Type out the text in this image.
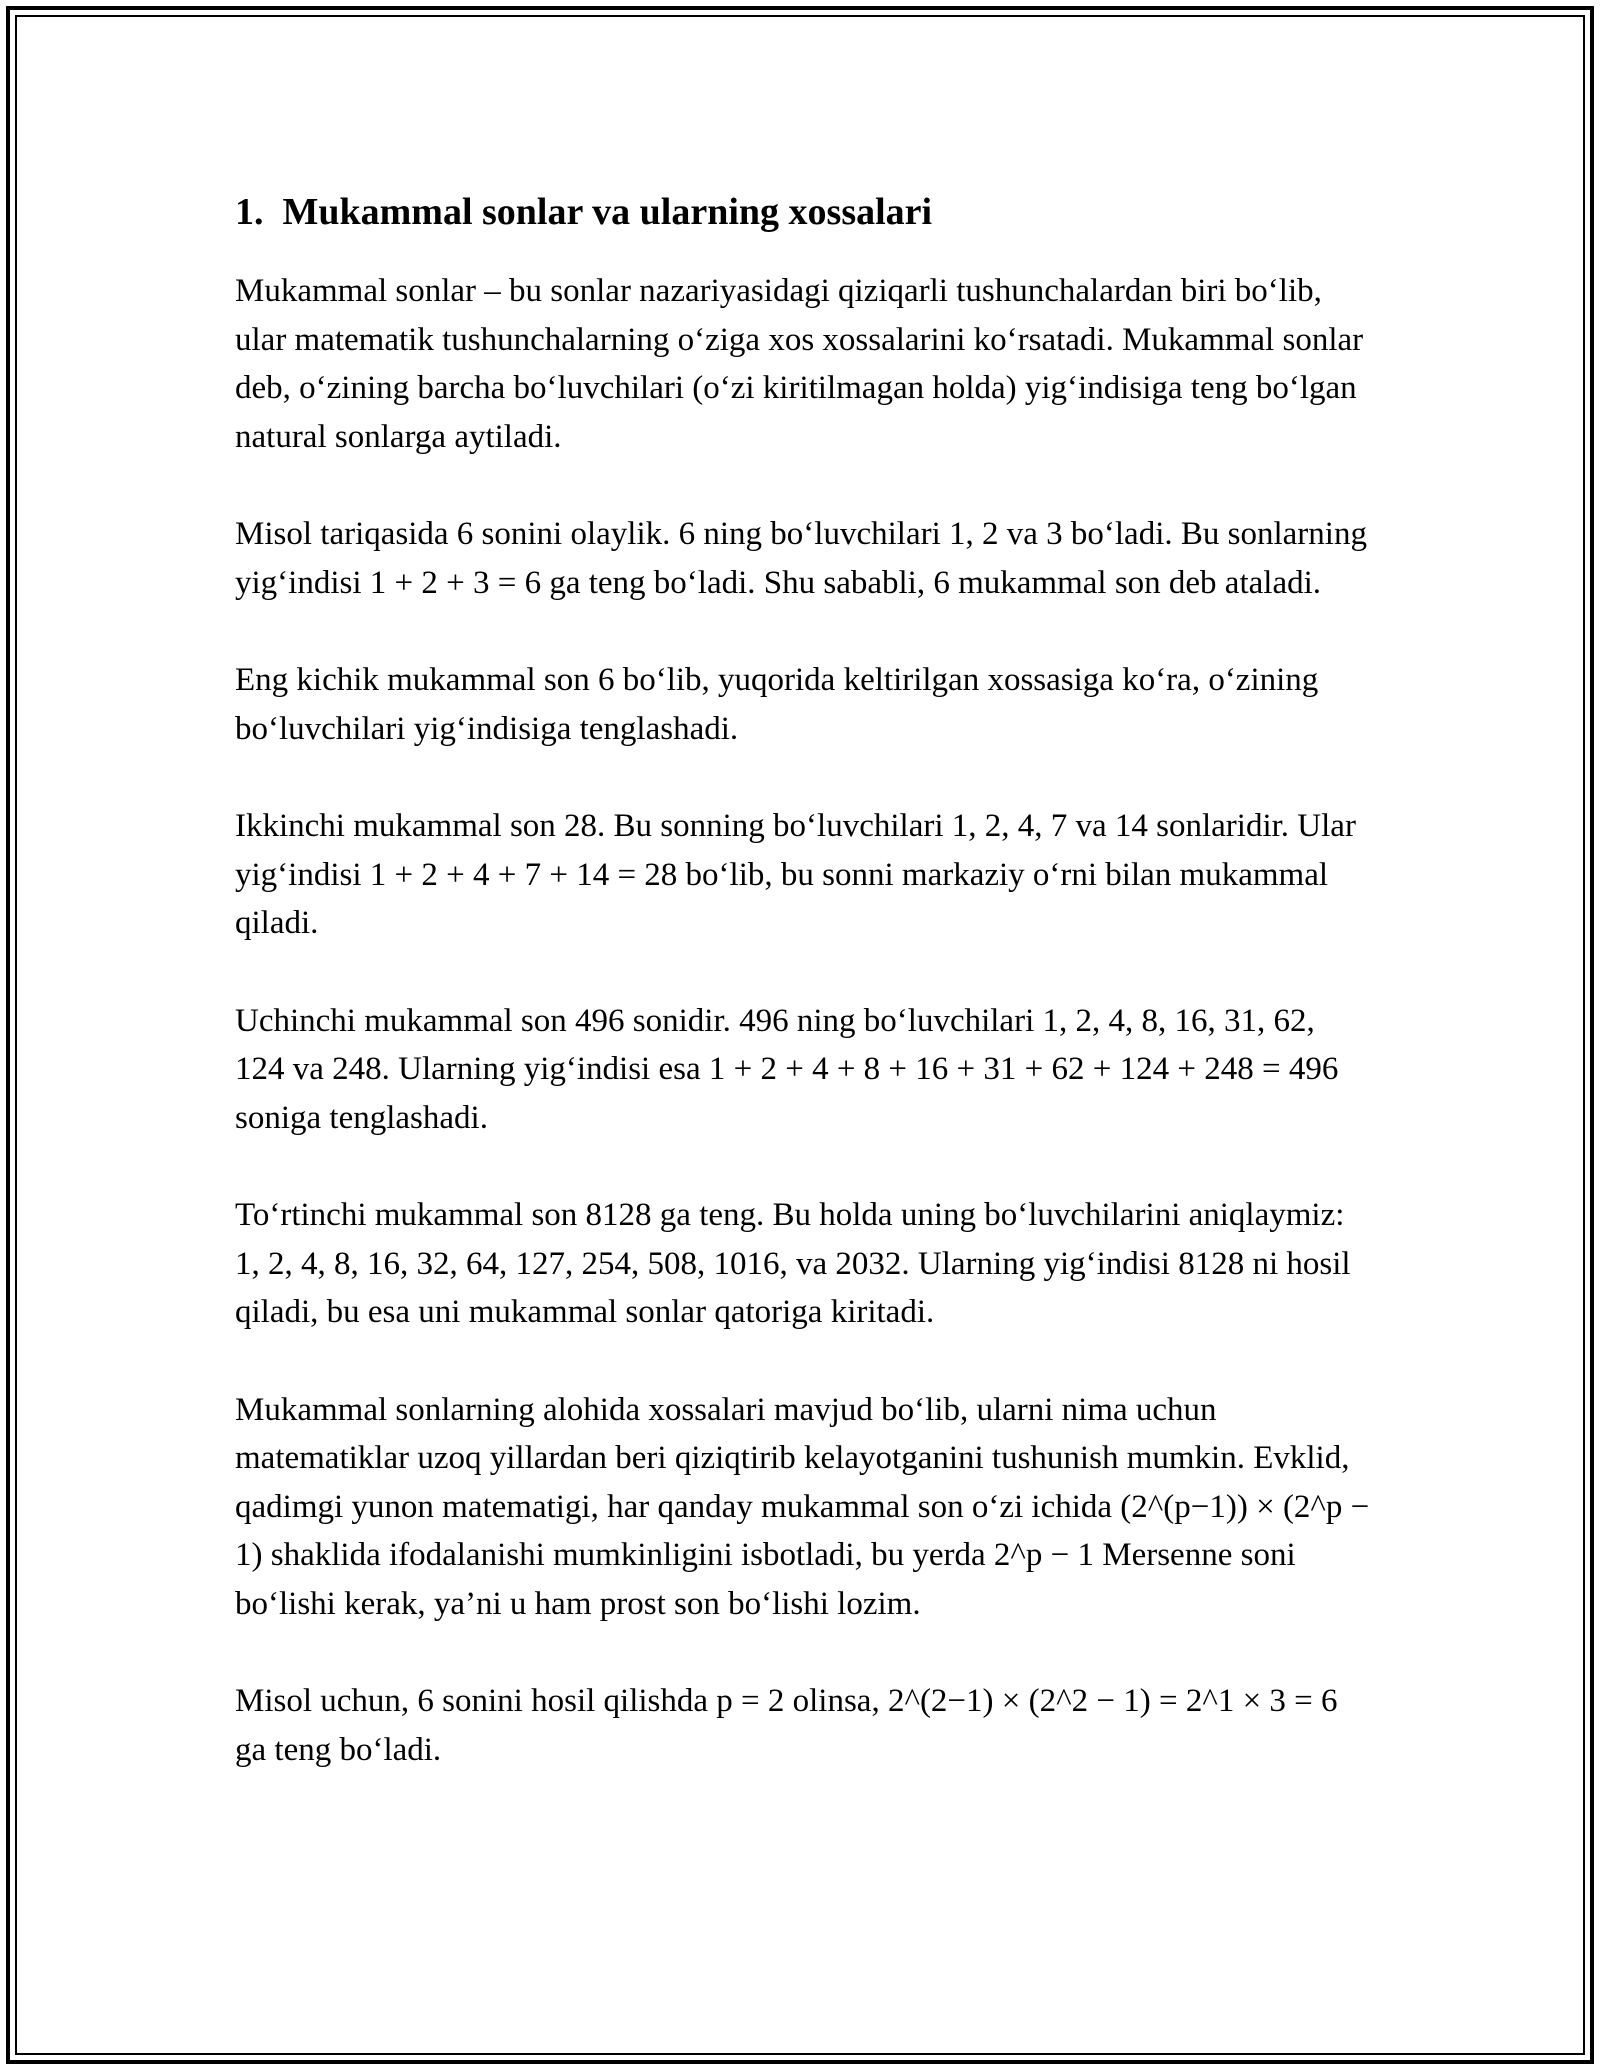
1.  Mukammal sonlar va ularning xossalari

Mukammal sonlar – bu sonlar nazariyasidagi qiziqarli tushunchalardan biri bo‘lib, ular matematik tushunchalarning o‘ziga xos xossalarini ko‘rsatadi. Mukammal sonlar deb, o‘zining barcha bo‘luvchilari (o‘zi kiritilmagan holda) yig‘indisiga teng bo‘lgan natural sonlarga aytiladi.

Misol tariqasida 6 sonini olaylik. 6 ning bo‘luvchilari 1, 2 va 3 bo‘ladi. Bu sonlarning yig‘indisi 1 + 2 + 3 = 6 ga teng bo‘ladi. Shu sababli, 6 mukammal son deb ataladi.

Eng kichik mukammal son 6 bo‘lib, yuqorida keltirilgan xossasiga ko‘ra, o‘zining bo‘luvchilari yig‘indisiga tenglashadi.

Ikkinchi mukammal son 28. Bu sonning bo‘luvchilari 1, 2, 4, 7 va 14 sonlaridir. Ular yig‘indisi 1 + 2 + 4 + 7 + 14 = 28 bo‘lib, bu sonni markaziy o‘rni bilan mukammal qiladi.

Uchinchi mukammal son 496 sonidir. 496 ning bo‘luvchilari 1, 2, 4, 8, 16, 31, 62, 124 va 248. Ularning yig‘indisi esa 1 + 2 + 4 + 8 + 16 + 31 + 62 + 124 + 248 = 496 soniga tenglashadi.

To‘rtinchi mukammal son 8128 ga teng. Bu holda uning bo‘luvchilarini aniqlaymiz: 1, 2, 4, 8, 16, 32, 64, 127, 254, 508, 1016, va 2032. Ularning yig‘indisi 8128 ni hosil qiladi, bu esa uni mukammal sonlar qatoriga kiritadi.

Mukammal sonlarning alohida xossalari mavjud bo‘lib, ularni nima uchun matematiklar uzoq yillardan beri qiziqtirib kelayotganini tushunish mumkin. Evklid, qadimgi yunon matematigi, har qanday mukammal son o‘zi ichida (2^(p−1)) × (2^p − 1) shaklida ifodalanishi mumkinligini isbotladi, bu yerda 2^p − 1 Mersenne soni bo‘lishi kerak, ya’ni u ham prost son bo‘lishi lozim.

Misol uchun, 6 sonini hosil qilishda p = 2 olinsa, 2^(2−1) × (2^2 − 1) = 2^1 × 3 = 6 ga teng bo‘ladi.
